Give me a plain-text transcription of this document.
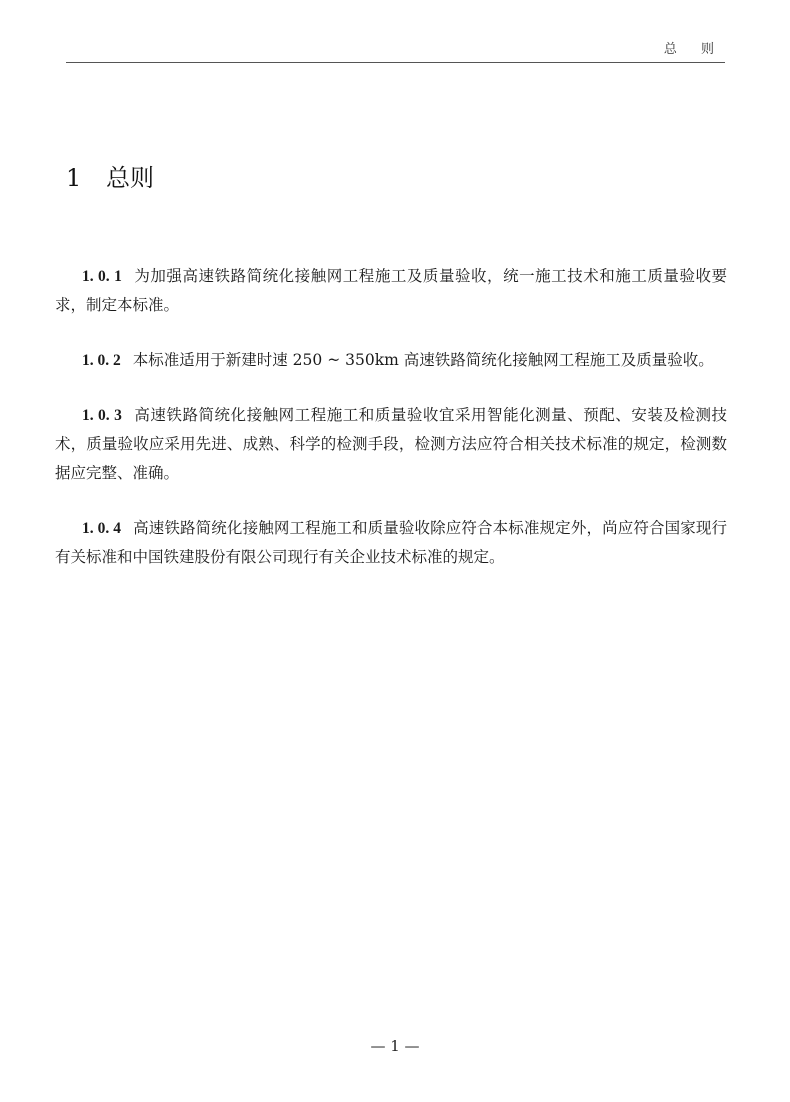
总 则
1 总则

1. 0. 1 为加强高速铁路简统化接触网工程施工及质量验收，统一施工技术和施工质量验收要求，制定本标准。

1. 0. 2 本标准适用于新建时速 250 ~ 350km 高速铁路简统化接触网工程施工及质量验收。

1. 0. 3 高速铁路简统化接触网工程施工和质量验收宜采用智能化测量、预配、安装及检测技术，质量验收应采用先进、成熟、科学的检测手段，检测方法应符合相关技术标准的规定，检测数据应完整、准确。

1. 0. 4 高速铁路简统化接触网工程施工和质量验收除应符合本标准规定外，尚应符合国家现行有关标准和中国铁建股份有限公司现行有关企业技术标准的规定。

— 1 —
